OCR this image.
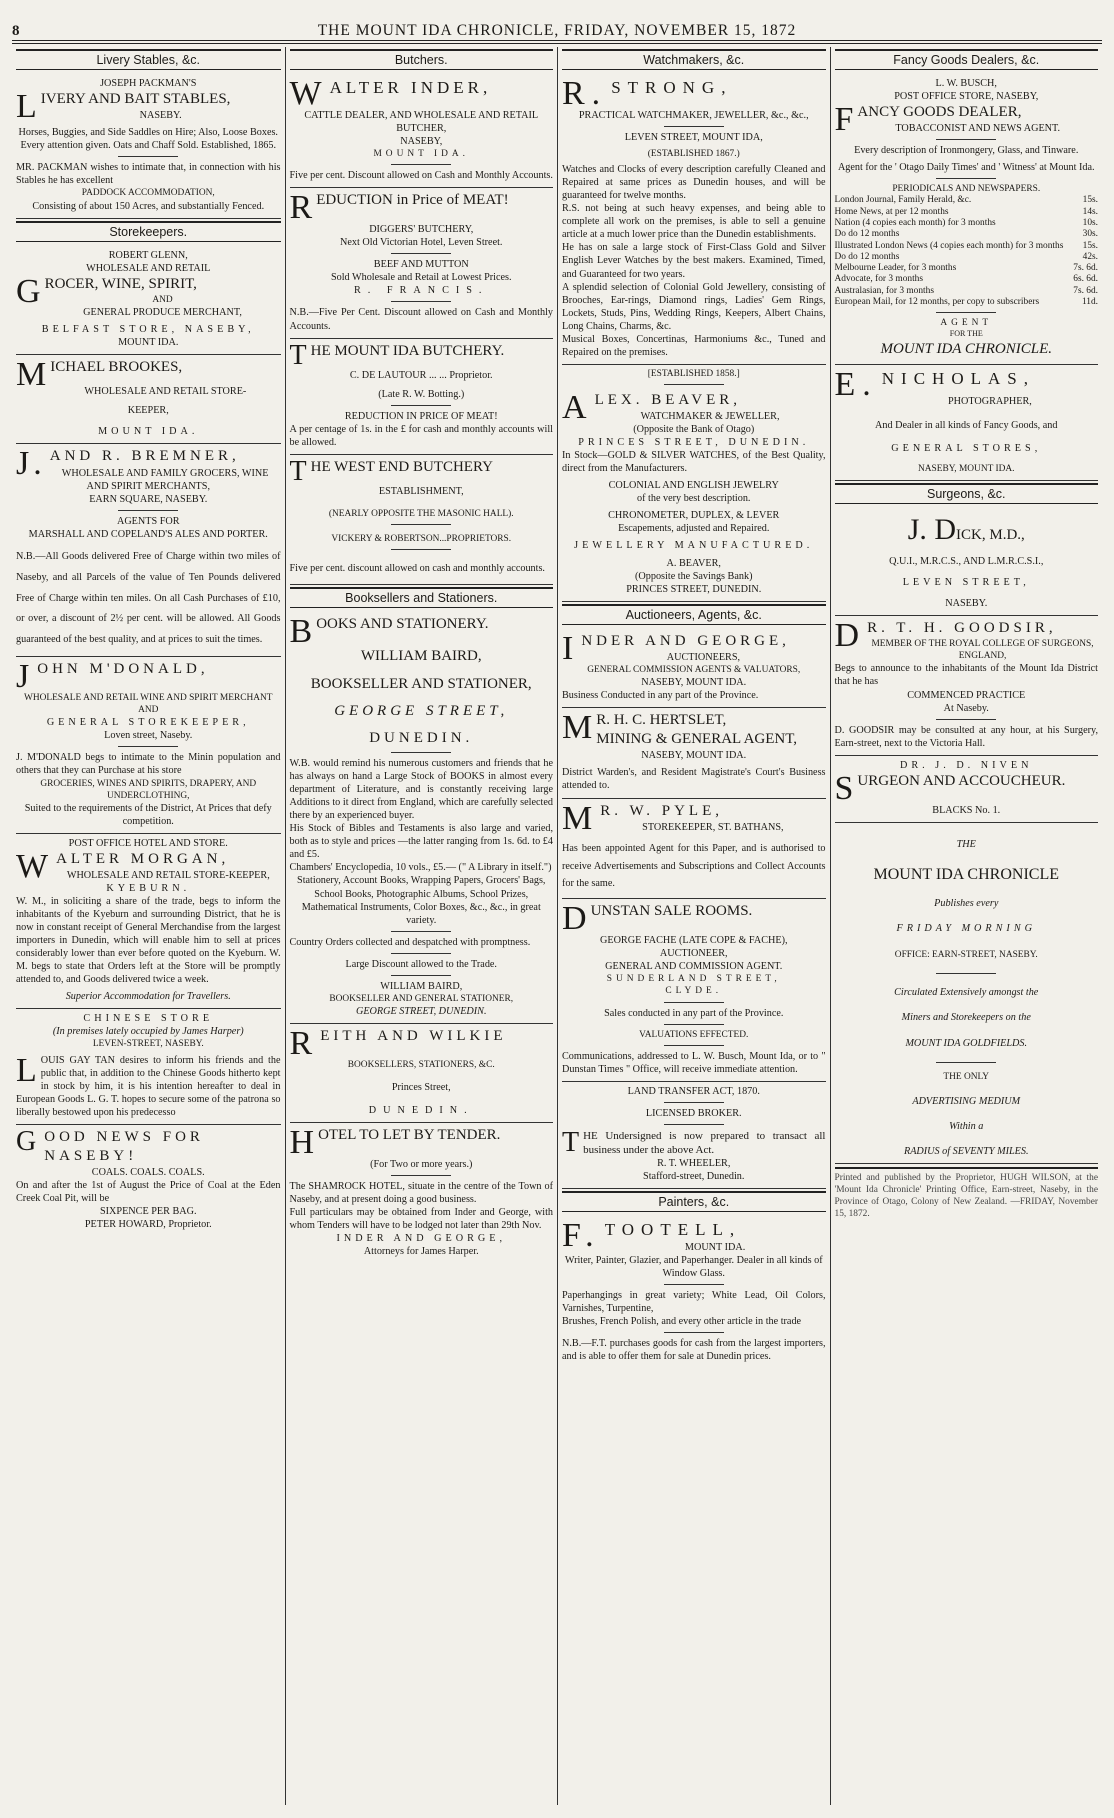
8	THE MOUNT IDA CHRONICLE, FRIDAY, NOVEMBER 15, 1872
Livery Stables, &c.

JOSEPH PACKMAN'S

LIVERY AND BAIT STABLES,

NASEBY.

Horses, Buggies, and Side Saddles on Hire; Also, Loose Boxes.

Every attention given. Oats and Chaff Sold. Established, 1865.

MR. PACKMAN wishes to intimate that, in connection with his Stables he has excellent

PADDOCK ACCOMMODATION,

Consisting of about 150 Acres, and substantially Fenced.

Storekeepers.

ROBERT GLENN,

WHOLESALE AND RETAIL

GROCER, WINE, SPIRIT,

AND

GENERAL PRODUCE MERCHANT,

BELFAST STORE, NASEBY,

MOUNT IDA.

MICHAEL BROOKES,

WHOLESALE AND RETAIL STORE-

KEEPER,

MOUNT IDA.

J. AND R. BREMNER,

WHOLESALE AND FAMILY GROCERS, WINE AND SPIRIT MERCHANTS,

EARN SQUARE, NASEBY.

AGENTS FOR

MARSHALL AND COPELAND'S ALES AND PORTER.

N.B.—All Goods delivered Free of Charge within two miles of Naseby, and all Parcels of the value of Ten Pounds delivered Free of Charge within ten miles. On all Cash Purchases of £10, or over, a discount of 2½ per cent. will be allowed. All Goods guaranteed of the best quality, and at prices to suit the times.

JOHN M'DONALD,

WHOLESALE AND RETAIL WINE AND SPIRIT MERCHANT AND

GENERAL STOREKEEPER,

Loven street, Naseby.

J. M'DONALD begs to intimate to the Minin population and others that they can Purchase at his store

GROCERIES, WINES AND SPIRITS, DRAPERY, AND UNDERCLOTHING,

Suited to the requirements of the District, At Prices that defy competition.

POST OFFICE HOTEL AND STORE.

WALTER MORGAN,

WHOLESALE AND RETAIL STORE-KEEPER,

KYEBURN.

W. M., in soliciting a share of the trade, begs to inform the inhabitants of the Kyeburn and surrounding District, that he is now in constant receipt of General Merchandise from the largest importers in Dunedin, which will enable him to sell at prices considerably lower than ever before quoted on the Kyeburn. W. M. begs to state that Orders left at the Store will be promptly attended to, and Goods delivered twice a week.

Superior Accommodation for Travellers.

CHINESE STORE

(In premises lately occupied by James Harper)

LEVEN-STREET, NASEBY.

LOUIS GAY TAN desires to inform his friends and the public that, in addition to the Chinese Goods hitherto kept in stock by him, it is his intention hereafter to deal in European Goods L. G. T. hopes to secure some of the patrona so liberally bestowed upon his predecesso

GOOD NEWS FOR NASEBY!

COALS. COALS. COALS.

On and after the 1st of August the Price of Coal at the Eden Creek Coal Pit, will be

SIXPENCE PER BAG.

PETER HOWARD, Proprietor.

Butchers.

WALTER INDER,

CATTLE DEALER, AND WHOLESALE AND RETAIL BUTCHER,

NASEBY,

MOUNT IDA.

Five per cent. Discount allowed on Cash and Monthly Accounts.

REDUCTION in Price of MEAT!

DIGGERS' BUTCHERY,

Next Old Victorian Hotel, Leven Street.

BEEF AND MUTTON

Sold Wholesale and Retail at Lowest Prices.

R. FRANCIS.

N.B.—Five Per Cent. Discount allowed on Cash and Monthly Accounts.

THE MOUNT IDA BUTCHERY.

C. DE LAUTOUR ... ... Proprietor.

(Late R. W. Botting.)

REDUCTION IN PRICE OF MEAT!

A per centage of 1s. in the £ for cash and monthly accounts will be allowed.

THE WEST END BUTCHERY

ESTABLISHMENT,

(NEARLY OPPOSITE THE MASONIC HALL).

VICKERY & ROBERTSON...PROPRIETORS.

Five per cent. discount allowed on cash and monthly accounts.

Booksellers and Stationers.

BOOKS AND STATIONERY.

WILLIAM BAIRD,

BOOKSELLER AND STATIONER,

GEORGE STREET,

DUNEDIN.

W.B. would remind his numerous customers and friends that he has always on hand a Large Stock of BOOKS in almost every department of Literature, and is constantly receiving large Additions to it direct from England, which are carefully selected there by an experienced buyer.

His Stock of Bibles and Testaments is also large and varied, both as to style and prices —the latter ranging from 1s. 6d. to £4 and £5.

Chambers' Encyclopedia, 10 vols., £5.— (" A Library in itself.")

Stationery, Account Books, Wrapping Papers, Grocers' Bags, School Books, Photographic Albums, School Prizes, Mathematical Instruments, Color Boxes, &c., &c., in great variety.

Country Orders collected and despatched with promptness.

Large Discount allowed to the Trade.

WILLIAM BAIRD,

BOOKSELLER AND GENERAL STATIONER,

GEORGE STREET, DUNEDIN.

REITH AND WILKIE

BOOKSELLERS, STATIONERS, &C.

Princes Street,

DUNEDIN.

HOTEL TO LET BY TENDER.

(For Two or more years.)

The SHAMROCK HOTEL, situate in the centre of the Town of Naseby, and at present doing a good business.

Full particulars may be obtained from Inder and George, with whom Tenders will have to be lodged not later than 29th Nov.

INDER AND GEORGE,

Attorneys for James Harper.

Watchmakers, &c.

R. STRONG,

PRACTICAL WATCHMAKER, JEWELLER, &c., &c.,

LEVEN STREET, MOUNT IDA,

(ESTABLISHED 1867.)

Watches and Clocks of every description carefully Cleaned and Repaired at same prices as Dunedin houses, and will be guaranteed for twelve months.

R.S. not being at such heavy expenses, and being able to complete all work on the premises, is able to sell a genuine article at a much lower price than the Dunedin establishments.

He has on sale a large stock of First-Class Gold and Silver English Lever Watches by the best makers. Examined, Timed, and Guaranteed for two years.

A splendid selection of Colonial Gold Jewellery, consisting of Brooches, Ear-rings, Diamond rings, Ladies' Gem Rings, Lockets, Studs, Pins, Wedding Rings, Keepers, Albert Chains, Long Chains, Charms, &c.

Musical Boxes, Concertinas, Harmoniums &c., Tuned and Repaired on the premises.

[ESTABLISHED 1858.]

ALEX. BEAVER,

WATCHMAKER & JEWELLER,

(Opposite the Bank of Otago)

PRINCES STREET, DUNEDIN.

In Stock—GOLD & SILVER WATCHES, of the Best Quality, direct from the Manufacturers.

COLONIAL AND ENGLISH JEWELRY

of the very best description.

CHRONOMETER, DUPLEX, & LEVER

Escapements, adjusted and Repaired.

JEWELLERY MANUFACTURED.

A. BEAVER,

(Opposite the Savings Bank)

PRINCES STREET, DUNEDIN.

Auctioneers, Agents, &c.

INDER AND GEORGE,

AUCTIONEERS,

GENERAL COMMISSION AGENTS & VALUATORS,

NASEBY, MOUNT IDA.

Business Conducted in any part of the Province.

M R. H. C. HERTSLET,

MINING & GENERAL AGENT,

NASEBY, MOUNT IDA.

District Warden's, and Resident Magistrate's Court's Business attended to.

M R. W. PYLE,

STOREKEEPER, ST. BATHANS,

Has been appointed Agent for this Paper, and is authorised to receive Advertisements and Subscriptions and Collect Accounts for the same.

DUNSTAN SALE ROOMS.

GEORGE FACHE (LATE COPE & FACHE),

AUCTIONEER,

GENERAL AND COMMISSION AGENT.

SUNDERLAND STREET,

CLYDE.

Sales conducted in any part of the Province.

VALUATIONS EFFECTED.

Communications, addressed to L. W. Busch, Mount Ida, or to " Dunstan Times " Office, will receive immediate attention.

LAND TRANSFER ACT, 1870.

LICENSED BROKER.

THE Undersigned is now prepared to transact all business under the above Act.

R. T. WHEELER,

Stafford-street, Dunedin.

Painters, &c.

F. TOOTELL,

MOUNT IDA.

Writer, Painter, Glazier, and Paperhanger. Dealer in all kinds of Window Glass.

Paperhangings in great variety; White Lead, Oil Colors, Varnishes, Turpentine,

Brushes, French Polish, and every other article in the trade

N.B.—F.T. purchases goods for cash from the largest importers, and is able to offer them for sale at Dunedin prices.

Fancy Goods Dealers, &c.

L. W. BUSCH,

POST OFFICE STORE, NASEBY,

FANCY GOODS DEALER,

TOBACCONIST AND NEWS AGENT.

Every description of Ironmongery, Glass, and Tinware.

Agent for the ' Otago Daily Times' and ' Witness' at Mount Ida.

PERIODICALS AND NEWSPAPERS.

London Journal, Family Herald, &c.	15s.
Home News, at per 12 months	14s.
Nation (4 copies each month) for 3 months	10s.
Do do 12 months	30s.
Illustrated London News (4 copies each month) for 3 months	15s.
Do do 12 months	42s.
Melbourne Leader, for 3 months	7s. 6d.
Advocate, for 3 months	6s. 6d.
Australasian, for 3 months	7s. 6d.
European Mail, for 12 months, per copy to subscribers	11d.

AGENT

FOR THE

MOUNT IDA CHRONICLE.

E. NICHOLAS,

PHOTOGRAPHER,

And Dealer in all kinds of Fancy Goods, and

GENERAL STORES,

NASEBY, MOUNT IDA.

Surgeons, &c.

J. DICK, M.D.,

Q.U.I., M.R.C.S., AND L.M.R.C.S.I.,

LEVEN STREET,

NASEBY.

D R. T. H. GOODSIR,

MEMBER OF THE ROYAL COLLEGE OF SURGEONS, ENGLAND,

Begs to announce to the inhabitants of the Mount Ida District that he has

COMMENCED PRACTICE

At Naseby.

D. GOODSIR may be consulted at any hour, at his Surgery, Earn-street, next to the Victoria Hall.

DR. J. D. NIVEN

SURGEON AND ACCOUCHEUR.

BLACKS No. 1.

THE

MOUNT IDA CHRONICLE

Publishes every

FRIDAY MORNING

OFFICE: EARN-STREET, NASEBY.

Circulated Extensively amongst the

Miners and Storekeepers on the

MOUNT IDA GOLDFIELDS.

THE ONLY

ADVERTISING MEDIUM

Within a

RADIUS of SEVENTY MILES.

Printed and published by the Proprietor, HUGH WILSON, at the 'Mount Ida Chronicle' Printing Office, Earn-street, Naseby, in the Province of Otago, Colony of New Zealand. —FRIDAY, November 15, 1872.
